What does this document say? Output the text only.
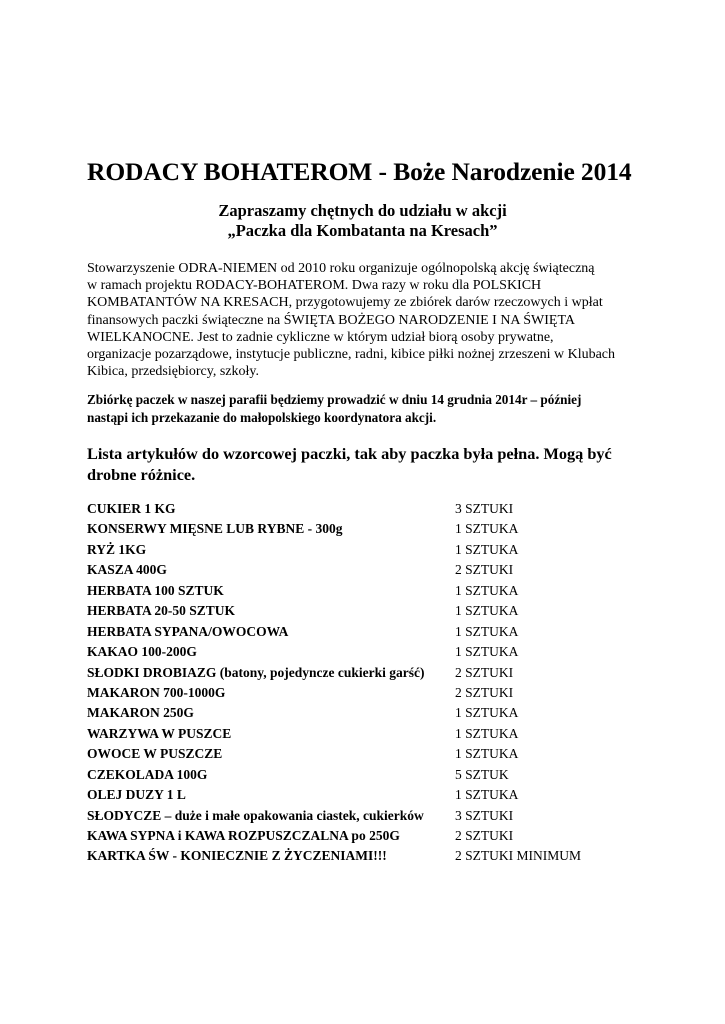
RODACY BOHATEROM - Boże Narodzenie 2014
Zapraszamy chętnych do udziału w akcji
„Paczka dla Kombatanta na Kresach”
Stowarzyszenie ODRA-NIEMEN od 2010 roku organizuje ogólnopolską akcję świąteczną
w ramach projektu RODACY-BOHATEROM. Dwa razy w roku dla POLSKICH
KOMBATANTÓW NA KRESACH, przygotowujemy ze zbiórek darów rzeczowych i wpłat
finansowych paczki świąteczne na ŚWIĘTA BOŻEGO NARODZENIE I NA ŚWIĘTA
WIELKANOCNE. Jest to zadnie cykliczne w którym udział biorą osoby prywatne,
organizacje pozarządowe, instytucje publiczne, radni, kibice piłki nożnej zrzeszeni w Klubach
Kibica, przedsiębiorcy, szkoły.
Zbiórkę paczek w naszej parafii będziemy prowadzić w dniu 14 grudnia 2014r – później
nastąpi ich przekazanie do małopolskiego koordynatora akcji.
Lista artykułów do wzorcowej paczki, tak aby paczka była pełna. Mogą być
drobne różnice.
CUKIER 1 KG	3 SZTUKI
KONSERWY MIĘSNE LUB RYBNE - 300g	1 SZTUKA
RYŻ 1KG	1 SZTUKA
KASZA 400G	2 SZTUKI
HERBATA 100 SZTUK	1 SZTUKA
HERBATA 20-50 SZTUK	1 SZTUKA
HERBATA SYPANA/OWOCOWA	1 SZTUKA
KAKAO 100-200G	1 SZTUKA
SŁODKI DROBIAZG (batony, pojedyncze cukierki garść) 2 SZTUKI
MAKARON 700-1000G	2 SZTUKI
MAKARON 250G	1 SZTUKA
WARZYWA W PUSZCE	1 SZTUKA
OWOCE W PUSZCZE	1 SZTUKA
CZEKOLADA 100G	5 SZTUK
OLEJ DUZY 1 L	1 SZTUKA
SŁODYCZE – duże i małe opakowania ciastek, cukierków 3 SZTUKI
KAWA SYPNA i KAWA ROZPUSZCZALNA po 250G	2 SZTUKI
KARTKA ŚW - KONIECZNIE Z ŻYCZENIAMI!!!	2 SZTUKI MINIMUM
